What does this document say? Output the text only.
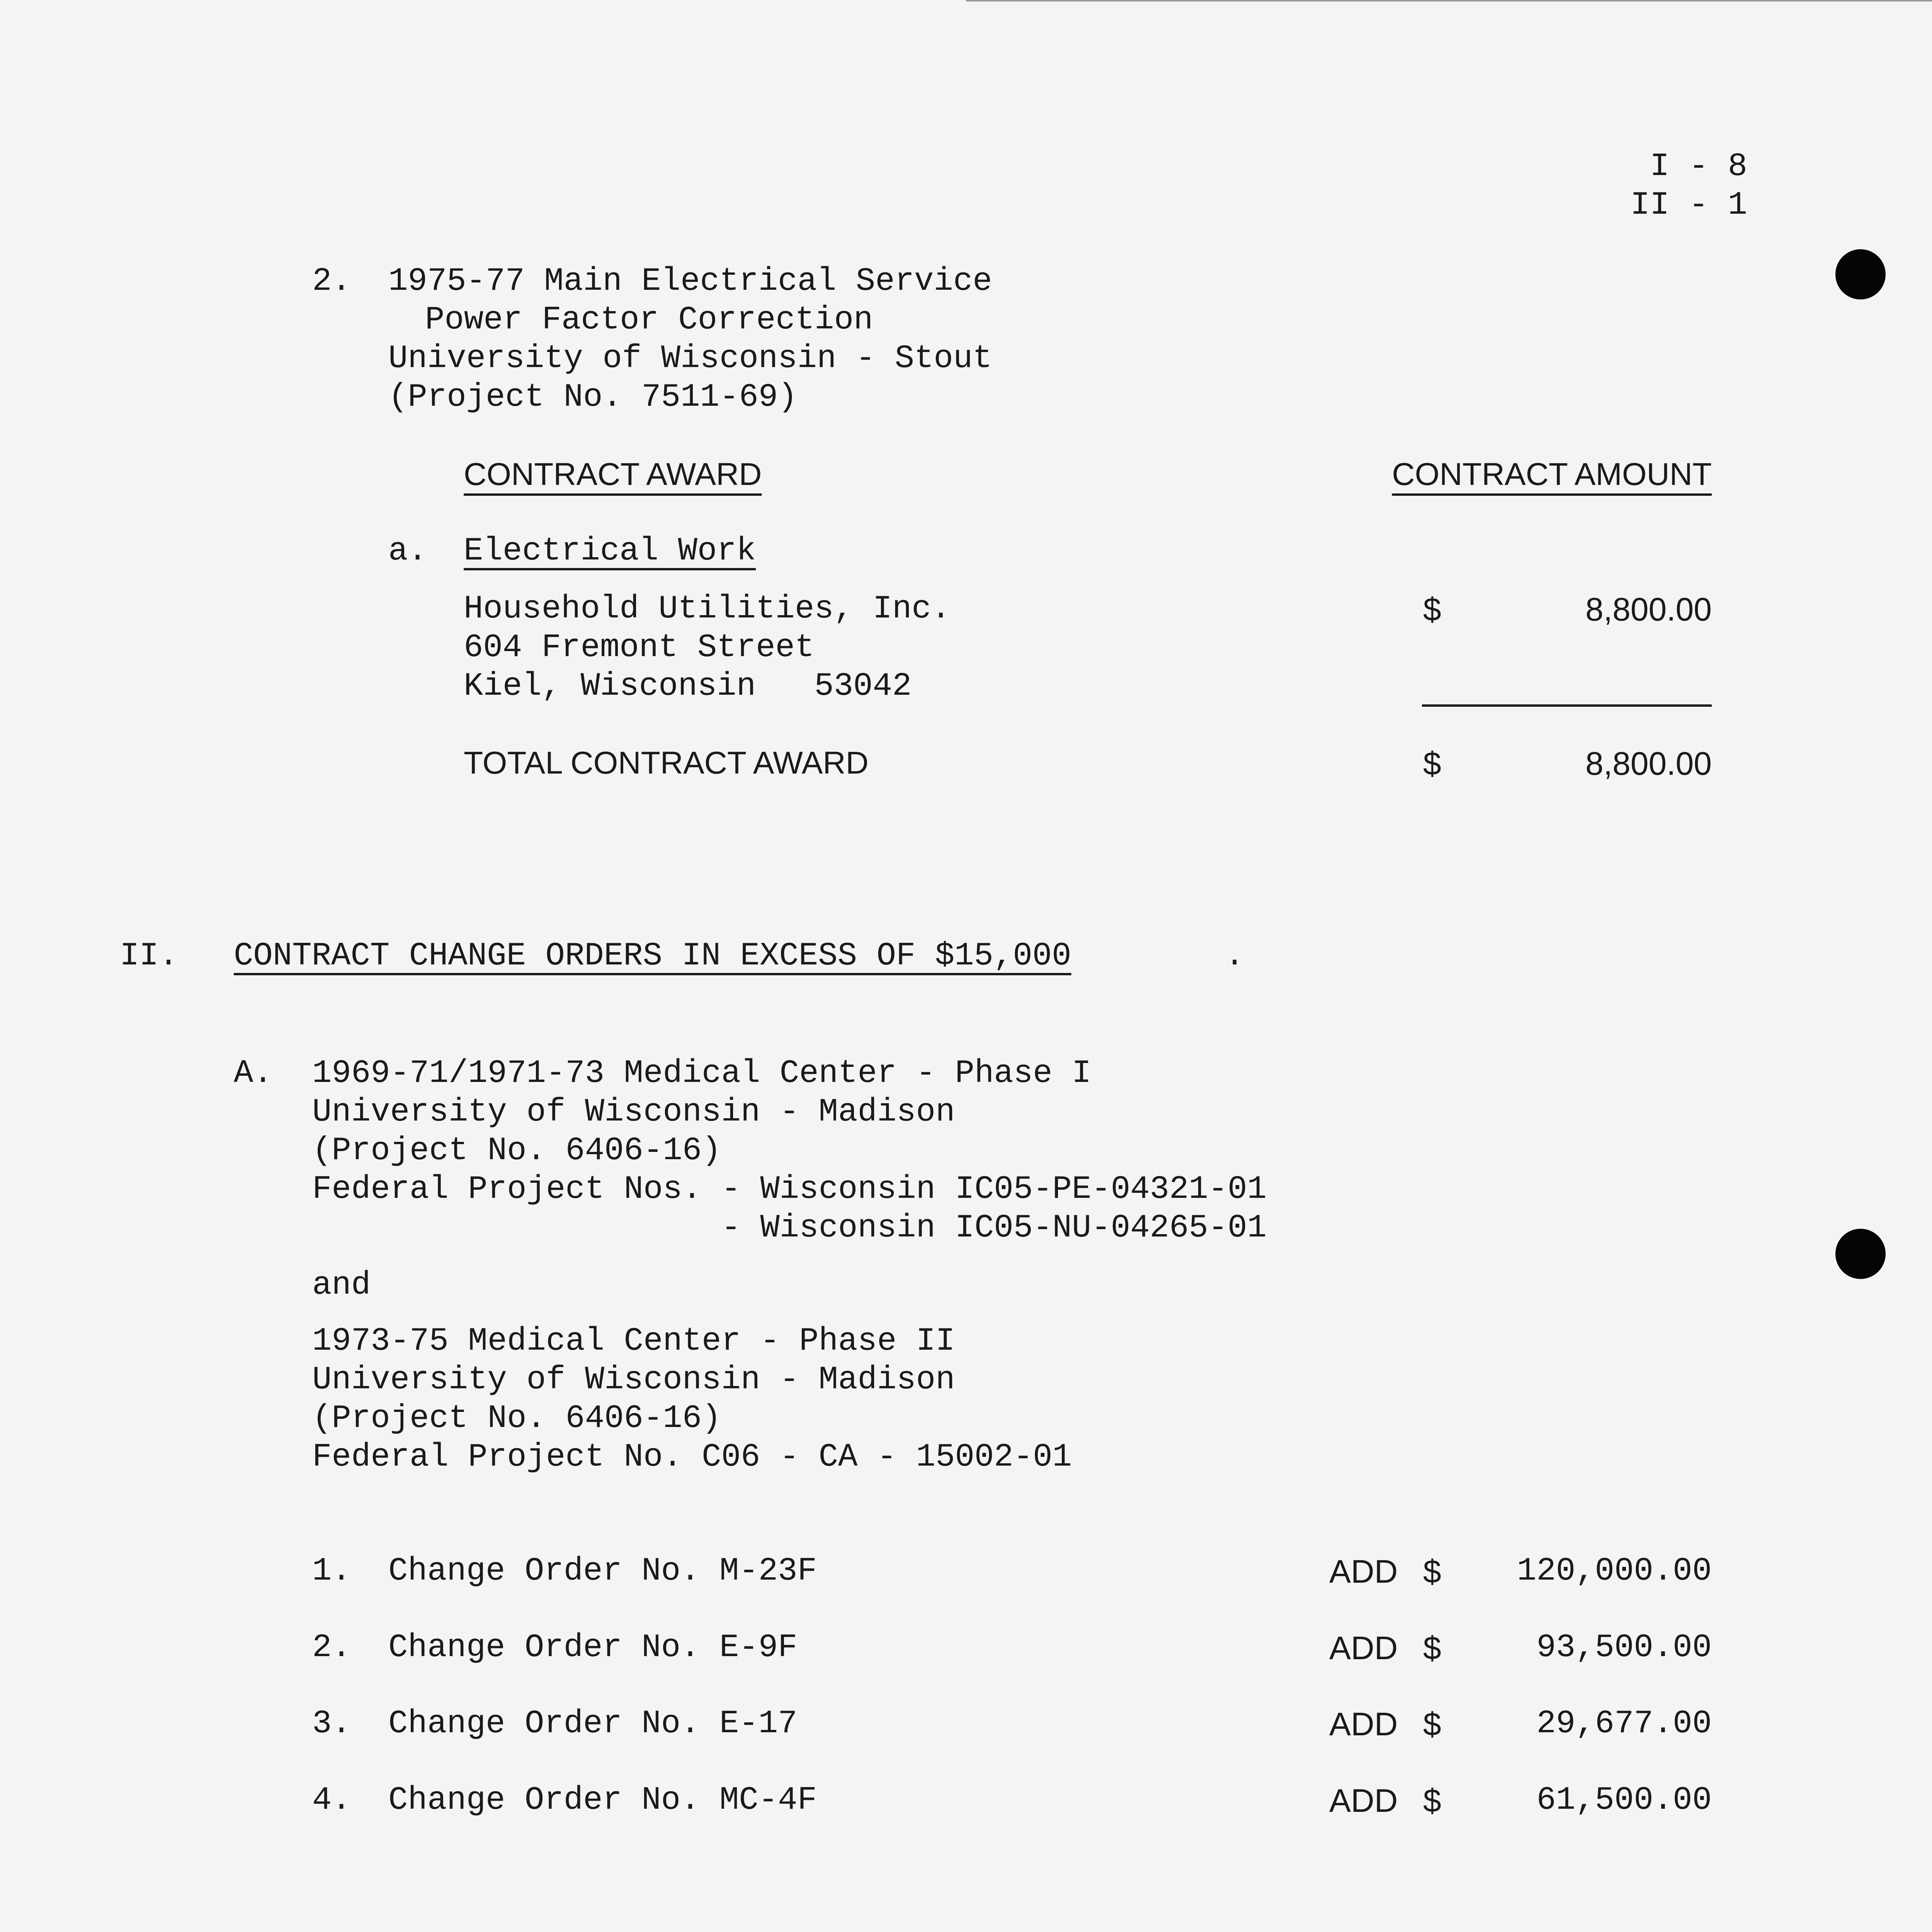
I - 8
II - 1
2. 1975-77 Main Electrical Service
Power Factor Correction
University of Wisconsin - Stout
(Project No. 7511-69)
CONTRACT AWARD	CONTRACT AMOUNT
a. Electrical Work
Household Utilities, Inc.
604 Fremont Street
Kiel, Wisconsin   53042
$	8,800.00
TOTAL CONTRACT AWARD	$	8,800.00
II. CONTRACT CHANGE ORDERS IN EXCESS OF $15,000	.
A. 1969-71/1971-73 Medical Center - Phase I
University of Wisconsin - Madison
(Project No. 6406-16)
Federal Project Nos. - Wisconsin IC05-PE-04321-01
- Wisconsin IC05-NU-04265-01
and
1973-75 Medical Center - Phase II
University of Wisconsin - Madison
(Project No. 6406-16)
Federal Project No. C06 - CA - 15002-01
1. Change Order No. M-23F	ADD $ 120,000.00
2. Change Order No. E-9F	ADD $	93,500.00
3. Change Order No. E-17	ADD $	29,677.00
4. Change Order No. MC-4F	ADD $	61,500.00
